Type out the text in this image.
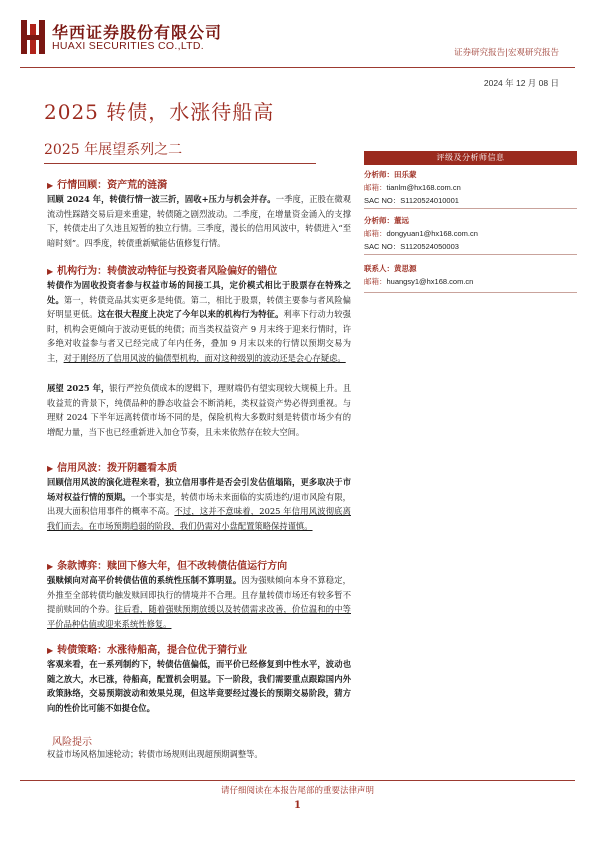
华西证券股份有限公司
HUAXI SECURITIES CO.,LTD.
证券研究报告|宏观研究报告
2024 年 12 月 08 日
2025 转债，水涨待船高
2025 年展望系列之二	评级及分析师信息
分析师：田乐蒙
邮箱：tianlm@hx168.com.cn
SAC NO：S1120524010001
分析师：董远
邮箱：dongyuan1@hx168.com.cn
SAC NO：S1120524050003
联系人：黄思源
邮箱：huangsy1@hx168.com.cn
▶ 行情回顾：资产荒的涟漪
回顾 2024 年，转债行情一波三折，固收+压力与机会并存。一季度，正股在微观流动性踩踏交易后迎来重建，转债随之剧烈波动。二季度，在增量资金涌入的支撑下，转债走出了久违且短暂的独立行情。三季度，漫长的信用风波中，转债进入“至暗时刻”。四季度，转债重新赋能估值修复行情。
▶ 机构行为：转债波动特征与投资者风险偏好的错位
转债作为固收投资者参与权益市场的间接工具，定价模式相比于股票存在特殊之处。第一，转债竞品其实更多是纯债。第二，相比于股票，转债主要参与者风险偏好明显更低。这在很大程度上决定了今年以来的机构行为特征。利率下行动力较强时，机构会更倾向于波动更低的纯债；而当类权益资产 9 月末终于迎来行情时，许多绝对收益参与者又已经完成了年内任务，叠加 9 月末以来的行情以预期交易为主，对于刚经历了信用风波的偏债型机构，面对这种级别的波动还是会心存疑虑。
展望 2025 年，银行严控负债成本的逻辑下，理财端仍有望实现较大规模上升。且收益荒的背景下，纯债品种的静态收益会不断消耗，类权益资产势必得到重视。与理财 2024 下半年远离转债市场不同的是，保险机构大多数时刻是转债市场少有的增配力量，当下也已经重新进入加仓节奏，且未来依然存在较大空间。
▶ 信用风波：拨开阴霾看本质
回顾信用风波的演化进程来看，独立信用事件是否会引发估值塌陷，更多取决于市场对权益行情的预期。一个事实是，转债市场未来面临的实质违约/退市风险有限，出现大面积信用事件的概率不高。不过，这并不意味着，2025 年信用风波彻底离我们而去。在市场预期趋弱的阶段，我们仍需对小盘配置策略保持谨慎。
▶ 条款博弈：赎回下修大年，但不改转债估值运行方向
强赎倾向对高平价转债估值的系统性压制不算明显。因为强赎倾向本身不算稳定，外推至全部转债均触发赎回即执行的情境并不合理。且存量转债市场还有较多暂不提前赎回的个券。往后看，随着强赎预期放缓以及转债需求改善，价位温和的中等平价品种估值或迎来系统性修复。
▶ 转债策略：水涨待船高，提合位优于猜行业
客观来看，在一系列制约下，转债估值偏低，而平价已经修复到中性水平，波动也随之放大，水已涨，待船高，配置机会明显。下一阶段，我们需要重点跟踪国内外政策脉络，交易预期波动和效果兑现，但这毕竟要经过漫长的预期交易阶段，猜方向的性价比可能不如提仓位。
风险提示
权益市场风格加速轮动；转债市场规则出现超预期调整等。
请仔细阅读在本报告尾部的重要法律声明
1
